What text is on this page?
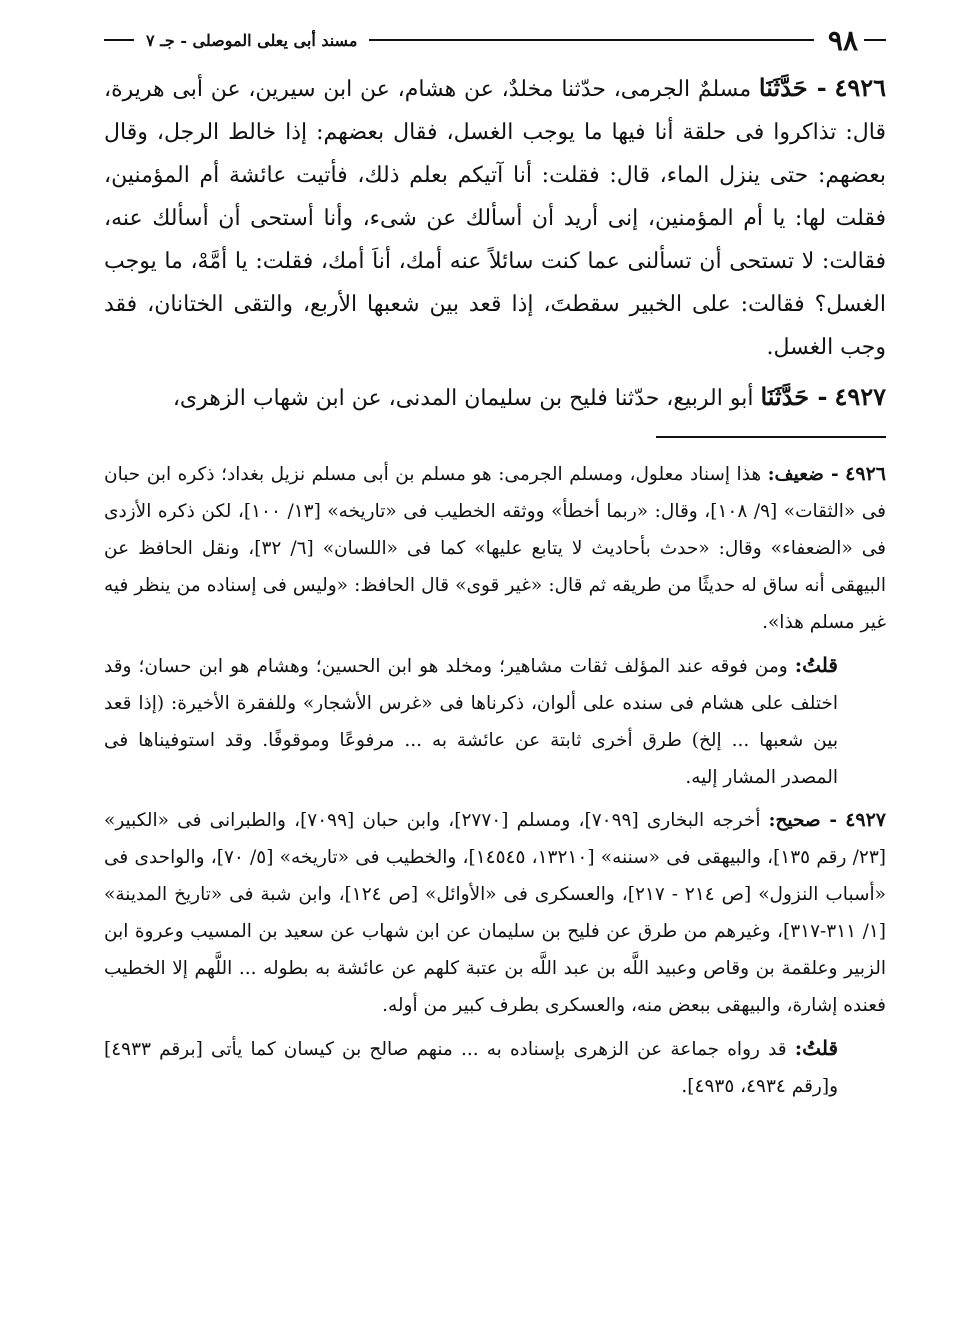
٩٨
مسند أبى يعلى الموصلى - جـ ٧

٤٩٢٦ - حَدَّثَنَا مسلمٌ الجرمى، حدّثنا مخلدٌ، عن هشام، عن ابن سيرين، عن أبى هريرة، قال: تذاكروا فى حلقة أنا فيها ما يوجب الغسل، فقال بعضهم: إذا خالط الرجل، وقال بعضهم: حتى ينزل الماء، قال: فقلت: أنا آتيكم بعلم ذلك، فأتيت عائشة أم المؤمنين، فقلت لها: يا أم المؤمنين، إنى أريد أن أسألك عن شىء، وأنا أستحى أن أسألك عنه، فقالت: لا تستحى أن تسألنى عما كنت سائلاً عنه أمك، أناَ أمك، فقلت: يا أمَّهْ، ما يوجب الغسل؟ فقالت: على الخبير سقطتَ، إذا قعد بين شعبها الأربع، والتقى الختانان، فقد وجب الغسل.

٤٩٢٧ - حَدَّثَنَا أبو الربيع، حدّثنا فليح بن سليمان المدنى، عن ابن شهاب الزهرى،

٤٩٢٦ - ضعيف: هذا إسناد معلول، ومسلم الجرمى: هو مسلم بن أبى مسلم نزيل بغداد؛ ذكره ابن حبان فى «الثقات» [٩/ ١٠٨]، وقال: «ربما أخطأ» ووثقه الخطيب فى «تاريخه» [١٣/ ١٠٠]، لكن ذكره الأزدى فى «الضعفاء» وقال: «حدث بأحاديث لا يتابع عليها» كما فى «اللسان» [٦/ ٣٢]، ونقل الحافظ عن البيهقى أنه ساق له حديثًا من طريقه ثم قال: «غير قوى» قال الحافظ: «وليس فى إسناده من ينظر فيه غير مسلم هذا».

قلتُ: ومن فوقه عند المؤلف ثقات مشاهير؛ ومخلد هو ابن الحسين؛ وهشام هو ابن حسان؛ وقد اختلف على هشام فى سنده على ألوان، ذكرناها فى «غرس الأشجار» وللفقرة الأخيرة: (إذا قعد بين شعبها ... إلخ) طرق أخرى ثابتة عن عائشة به ... مرفوعًا وموقوفًا. وقد استوفيناها فى المصدر المشار إليه.

٤٩٢٧ - صحيح: أخرجه البخارى [٧٠٩٩]، ومسلم [٢٧٧٠]، وابن حبان [٧٠٩٩]، والطبرانى فى «الكبير» [٢٣/ رقم ١٣٥]، والبيهقى فى «سننه» [١٣٢١٠، ١٤٥٤٥]، والخطيب فى «تاريخه» [٥/ ٧٠]، والواحدى فى «أسباب النزول» [ص ٢١٤ - ٢١٧]، والعسكرى فى «الأوائل» [ص ١٢٤]، وابن شبة فى «تاريخ المدينة» [١/ ٣١١-٣١٧]، وغيرهم من طرق عن فليح بن سليمان عن ابن شهاب عن سعيد بن المسيب وعروة ابن الزبير وعلقمة بن وقاص وعبيد اللَّه بن عبد اللَّه بن عتبة كلهم عن عائشة به بطوله ... اللَّهم إلا الخطيب فعنده إشارة، والبيهقى ببعض منه، والعسكرى بطرف كبير من أوله.

قلتُ: قد رواه جماعة عن الزهرى بإسناده به ... منهم صالح بن كيسان كما يأتى [برقم ٤٩٣٣] و[رقم ٤٩٣٤، ٤٩٣٥].
